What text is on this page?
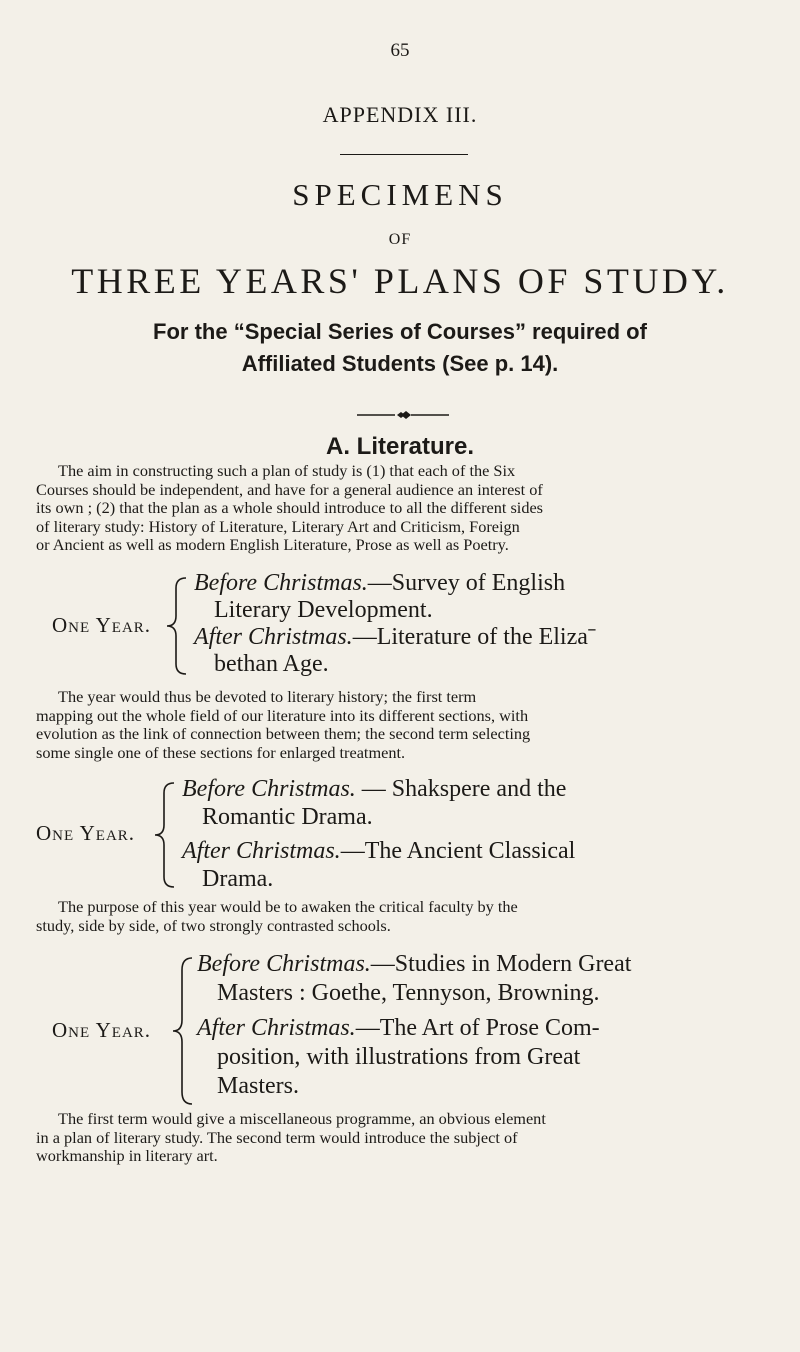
65
APPENDIX III.
SPECIMENS
OF
THREE YEARS' PLANS OF STUDY.
For the “Special Series of Courses” required of
Affiliated Students (See p. 14).
A. Literature.
The aim in constructing such a plan of study is (1) that each of the Six
Courses should be independent, and have for a general audience an interest of
its own ; (2) that the plan as a whole should introduce to all the different sides
of literary study: History of Literature, Literary Art and Criticism, Foreign
or Ancient as well as modern English Literature, Prose as well as Poetry.
One Year.
Before Christmas.—Survey of English
Literary Development.
After Christmas.—Literature of the Elizaˉ
bethan Age.
The year would thus be devoted to literary history; the first term
mapping out the whole field of our literature into its different sections, with
evolution as the link of connection between them; the second term selecting
some single one of these sections for enlarged treatment.
One Year.
Before Christmas. — Shakspere and the
Romantic Drama.
After Christmas.—The Ancient Classical
Drama.
The purpose of this year would be to awaken the critical faculty by the
study, side by side, of two strongly contrasted schools.
One Year.
Before Christmas.—Studies in Modern Great
Masters : Goethe, Tennyson, Browning.
After Christmas.—The Art of Prose Com-
position, with illustrations from Great
Masters.
The first term would give a miscellaneous programme, an obvious element
in a plan of literary study. The second term would introduce the subject of
workmanship in literary art.
